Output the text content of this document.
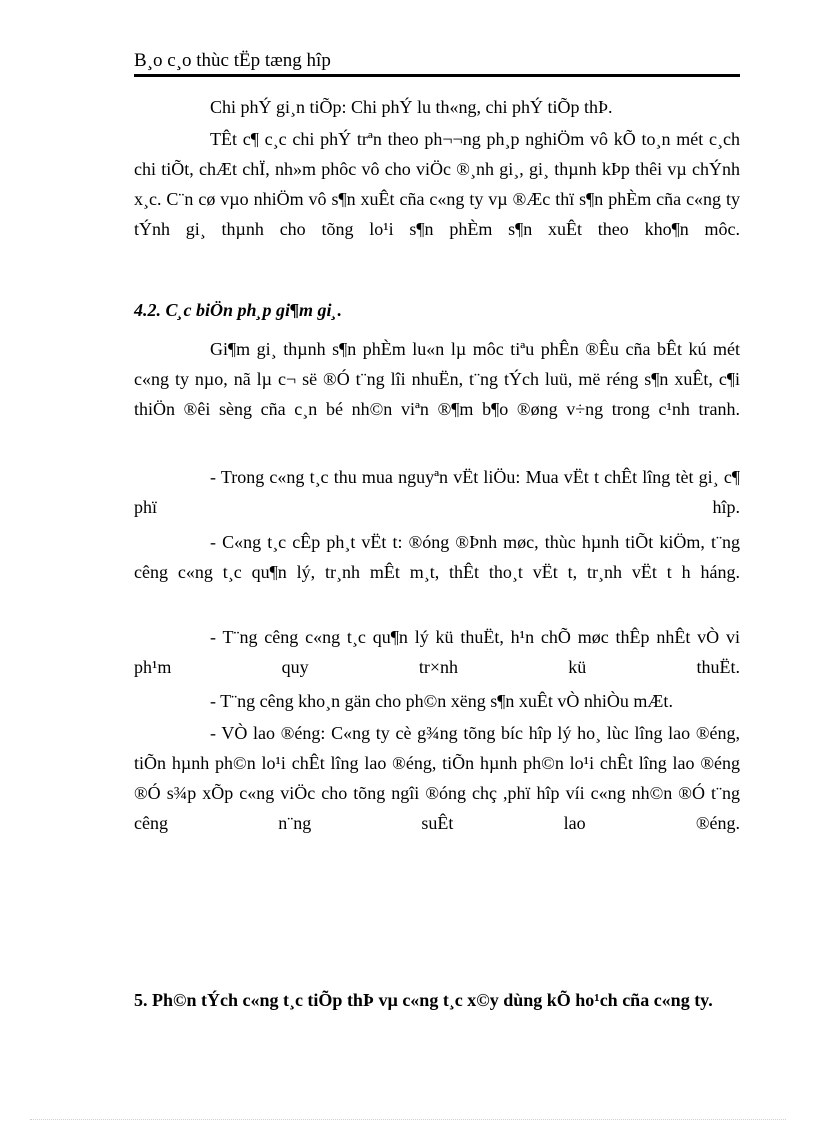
B¸o c¸o thùc tËp tæng hîp

Chi phÝ gi¸n tiÕp: Chi phÝ lu th«ng, chi phÝ tiÕp thÞ.

TÊt c¶ c¸c chi phÝ trªn theo ph¬¬ng ph¸p nghiÖm vô kÕ to¸n mét c¸ch chi tiÕt, chÆt chÏ, nh»m phôc vô cho viÖc ®¸nh gi¸, gi¸ thµnh kÞp thêi vµ chÝnh x¸c. C¨n cø vµo nhiÖm vô s¶n xuÊt cña c«ng ty vµ ®Æc thï s¶n phÈm cña c«ng ty tÝnh gi¸ thµnh cho tõng lo¹i s¶n phÈm s¶n xuÊt theo kho¶n môc.

4.2. C¸c biÖn ph¸p gi¶m gi¸.

Gi¶m gi¸ thµnh s¶n phÈm lu«n lµ môc tiªu phÊn ®Êu cña bÊt kú mét c«ng ty nµo, nã lµ c¬ së ®Ó t¨ng lîi nhuËn, t¨ng tÝch luü, më réng s¶n xuÊt, c¶i thiÖn ®êi sèng cña c¸n bé nh©n viªn ®¶m b¶o ®øng v÷ng trong c¹nh tranh.

- Trong c«ng t¸c thu mua nguyªn vËt liÖu: Mua vËt t chÊt lîng tèt gi¸ c¶ phï hîp.

- C«ng t¸c cÊp ph¸t vËt t: ®óng ®Þnh møc, thùc hµnh tiÕt kiÖm, t¨ng cêng c«ng t¸c qu¶n lý, tr¸nh mÊt m¸t, thÊt tho¸t vËt t, tr¸nh vËt t h háng.

- T¨ng cêng c«ng t¸c qu¶n lý kü thuËt, h¹n chÕ møc thÊp nhÊt vÒ vi ph¹m quy tr×nh kü thuËt.

- T¨ng cêng kho¸n gän cho ph©n xëng s¶n xuÊt vÒ nhiÒu mÆt.

- VÒ lao ®éng: C«ng ty cè g¾ng tõng bíc hîp lý ho¸ lùc lîng lao ®éng, tiÕn hµnh ph©n lo¹i chÊt lîng lao ®éng, tiÕn hµnh ph©n lo¹i chÊt lîng lao ®éng ®Ó s¾p xÕp c«ng viÖc cho tõng ngîi ®óng chç ,phï hîp víi c«ng nh©n ®Ó t¨ng cêng n¨ng suÊt lao ®éng.

5. Ph©n tÝch c«ng t¸c tiÕp thÞ vµ c«ng t¸c x©y dùng kÕ ho¹ch cña c«ng ty.
